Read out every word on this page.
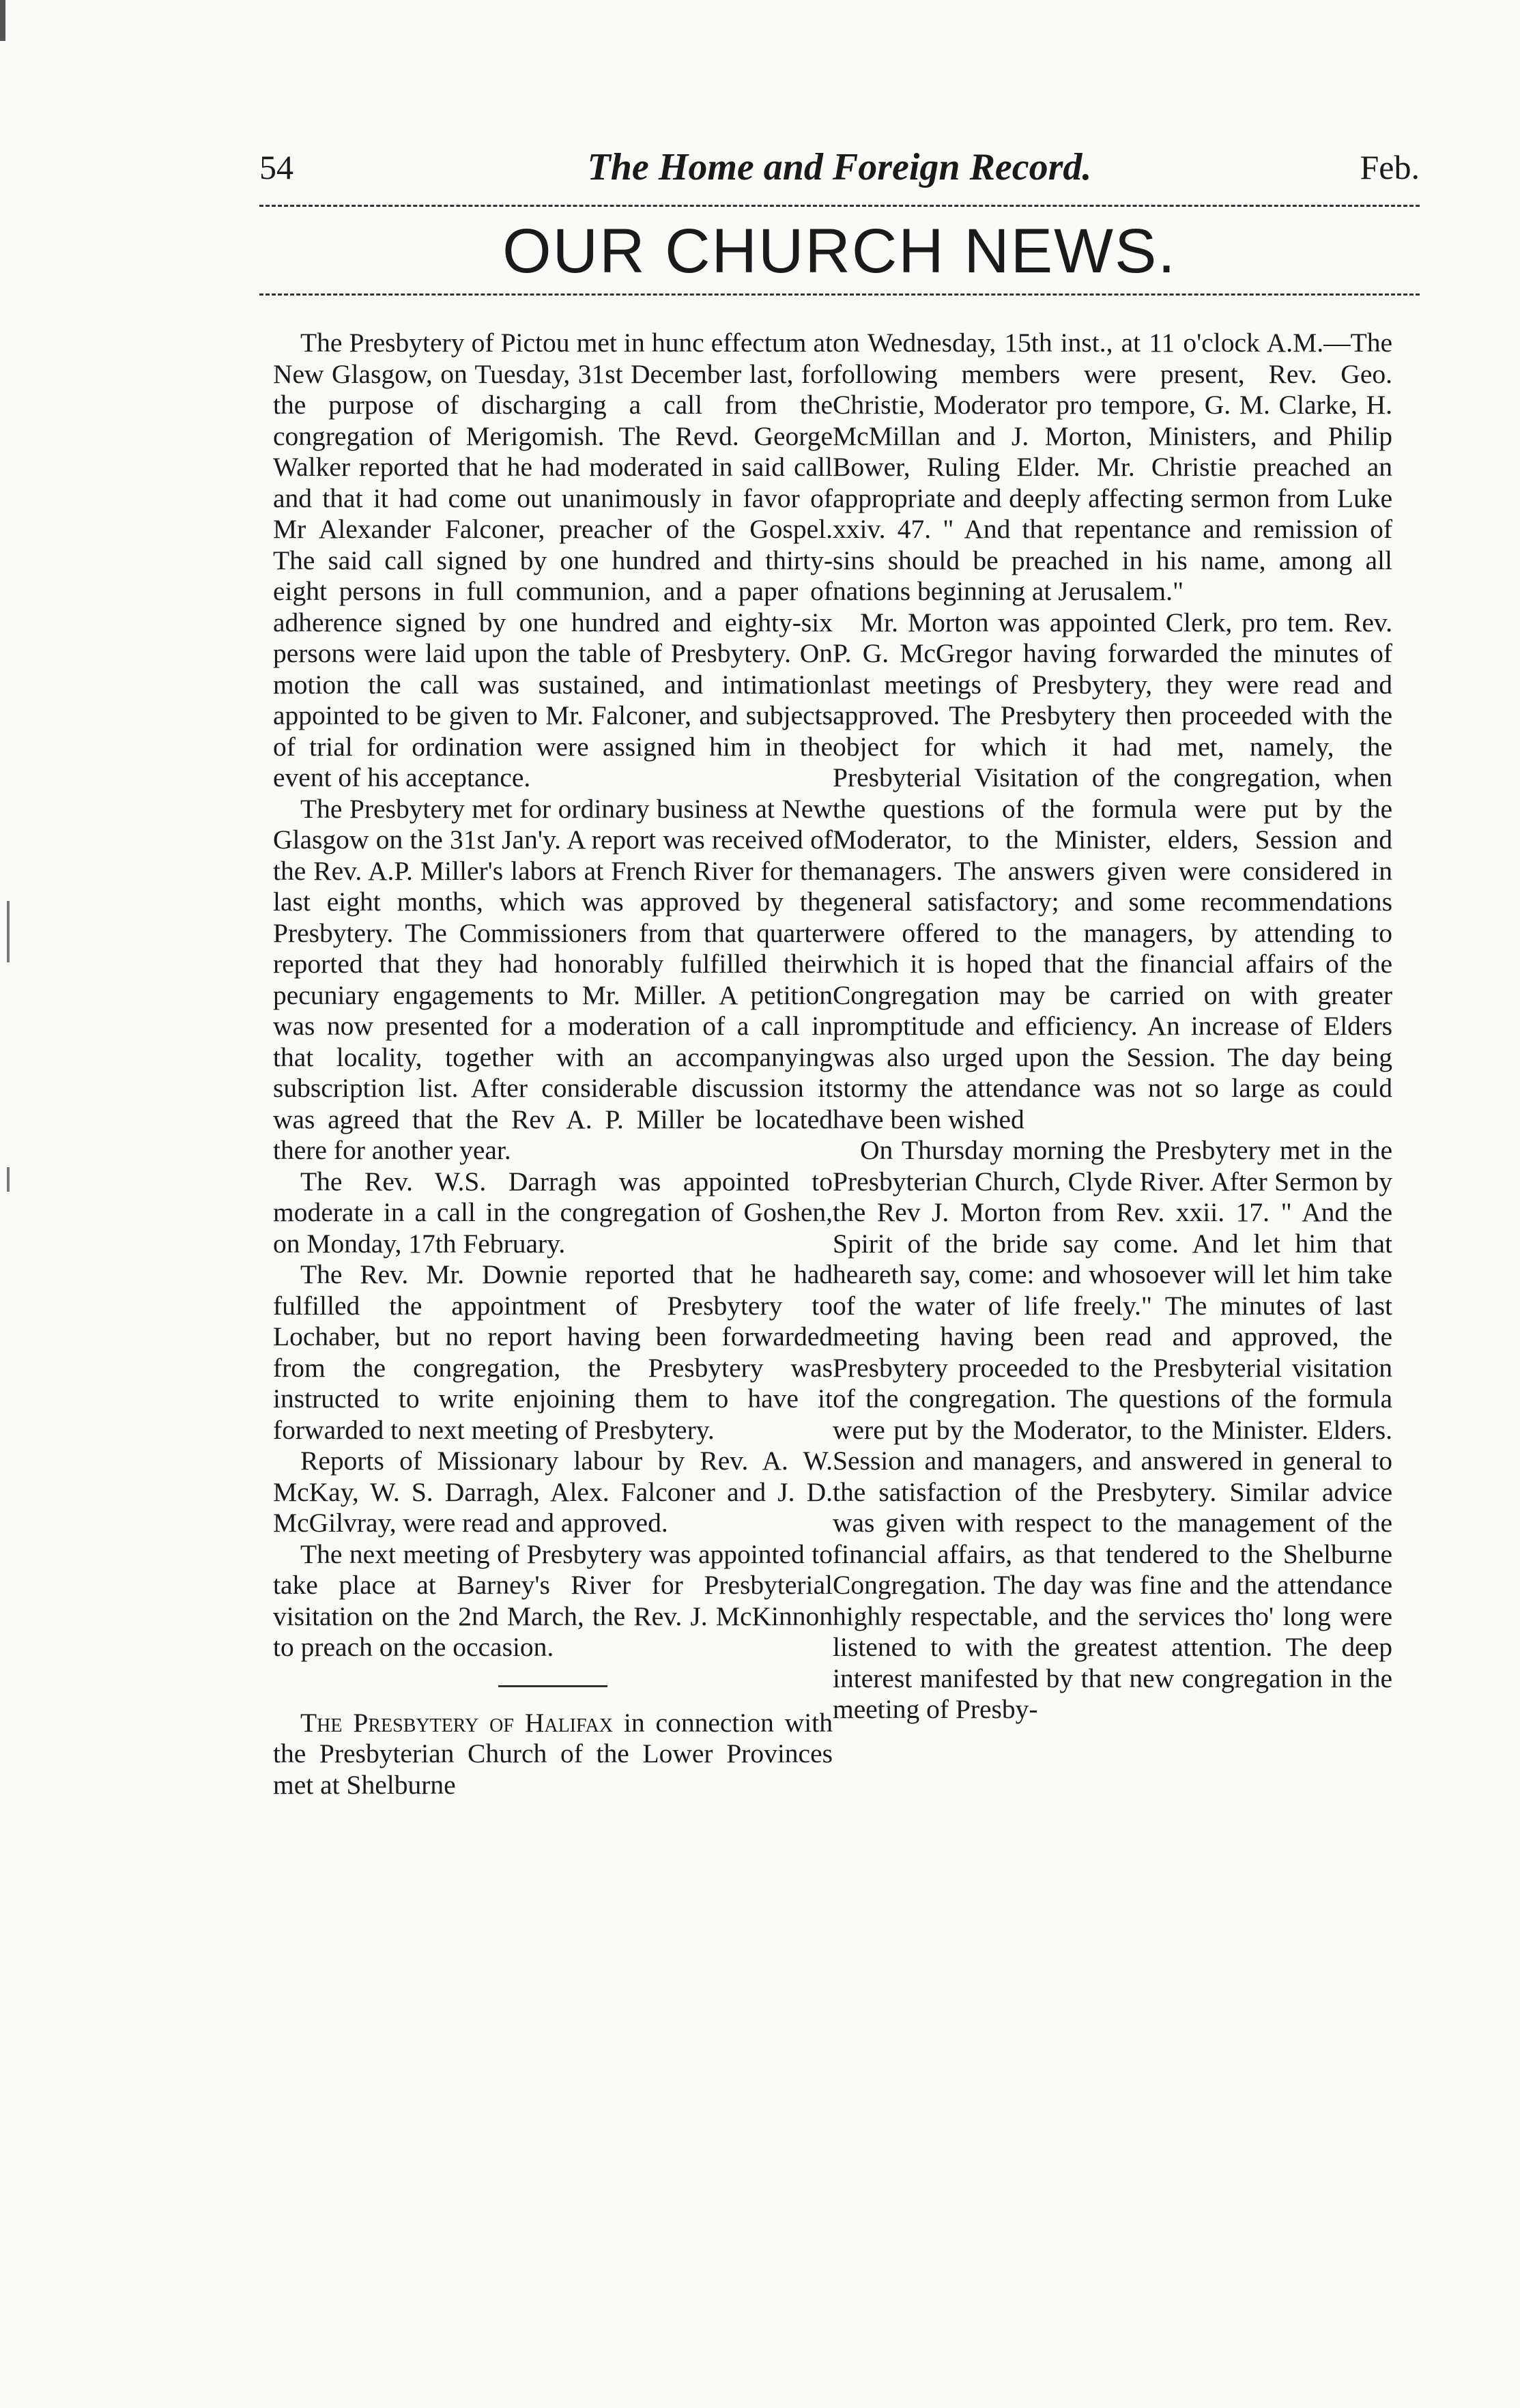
54	The Home and Foreign Record.	Feb.
OUR CHURCH NEWS.

The Presbytery of Pictou met in hunc effectum at New Glasgow, on Tuesday, 31st December last, for the purpose of discharging a call from the congregation of Merigomish. The Revd. George Walker reported that he had moderated in said call and that it had come out unanimously in favor of Mr Alexander Falconer, preacher of the Gospel. The said call signed by one hundred and thirty-eight persons in full communion, and a paper of adherence signed by one hundred and eighty-six persons were laid upon the table of Presbytery. On motion the call was sustained, and intimation appointed to be given to Mr. Falconer, and subjects of trial for ordination were assigned him in the event of his acceptance.

The Presbytery met for ordinary business at New Glasgow on the 31st Jan'y. A report was received of the Rev. A.P. Miller's labors at French River for the last eight months, which was approved by the Presbytery. The Commissioners from that quarter reported that they had honorably fulfilled their pecuniary engagements to Mr. Miller. A petition was now presented for a moderation of a call in that locality, together with an accompanying subscription list. After considerable discussion it was agreed that the Rev A. P. Miller be located there for another year.

The Rev. W.S. Darragh was appointed to moderate in a call in the congregation of Goshen, on Monday, 17th February.

The Rev. Mr. Downie reported that he had fulfilled the appointment of Presbytery to Lochaber, but no report having been forwarded from the congregation, the Presbytery was instructed to write enjoining them to have it forwarded to next meeting of Presbytery.

Reports of Missionary labour by Rev. A. W. McKay, W. S. Darragh, Alex. Falconer and J. D. McGilvray, were read and approved.

The next meeting of Presbytery was appointed to take place at Barney's River for Presbyterial visitation on the 2nd March, the Rev. J. McKinnon to preach on the occasion.

The Presbytery of Halifax in connection with the Presbyterian Church of the Lower Provinces met at Shelburne

on Wednesday, 15th inst., at 11 o'clock A.M.—The following members were present, Rev. Geo. Christie, Moderator pro tempore, G. M. Clarke, H. McMillan and J. Morton, Ministers, and Philip Bower, Ruling Elder. Mr. Christie preached an appropriate and deeply affecting sermon from Luke xxiv. 47. " And that repentance and remission of sins should be preached in his name, among all nations beginning at Jerusalem."

Mr. Morton was appointed Clerk, pro tem. Rev. P. G. McGregor having forwarded the minutes of last meetings of Presbytery, they were read and approved. The Presbytery then proceeded with the object for which it had met, namely, the Presbyterial Visitation of the congregation, when the questions of the formula were put by the Moderator, to the Minister, elders, Session and managers. The answers given were considered in general satisfactory; and some recommendations were offered to the managers, by attending to which it is hoped that the financial affairs of the Congregation may be carried on with greater promptitude and efficiency. An increase of Elders was also urged upon the Session. The day being stormy the attendance was not so large as could have been wished

On Thursday morning the Presbytery met in the Presbyterian Church, Clyde River. After Sermon by the Rev J. Morton from Rev. xxii. 17. " And the Spirit of the bride say come. And let him that heareth say, come: and whosoever will let him take of the water of life freely." The minutes of last meeting having been read and approved, the Presbytery proceeded to the Presbyterial visitation of the congregation. The questions of the formula were put by the Moderator, to the Minister. Elders. Session and managers, and answered in general to the satisfaction of the Presbytery. Similar advice was given with respect to the management of the financial affairs, as that tendered to the Shelburne Congregation. The day was fine and the attendance highly respectable, and the services tho' long were listened to with the greatest attention. The deep interest manifested by that new congregation in the meeting of Presby-
